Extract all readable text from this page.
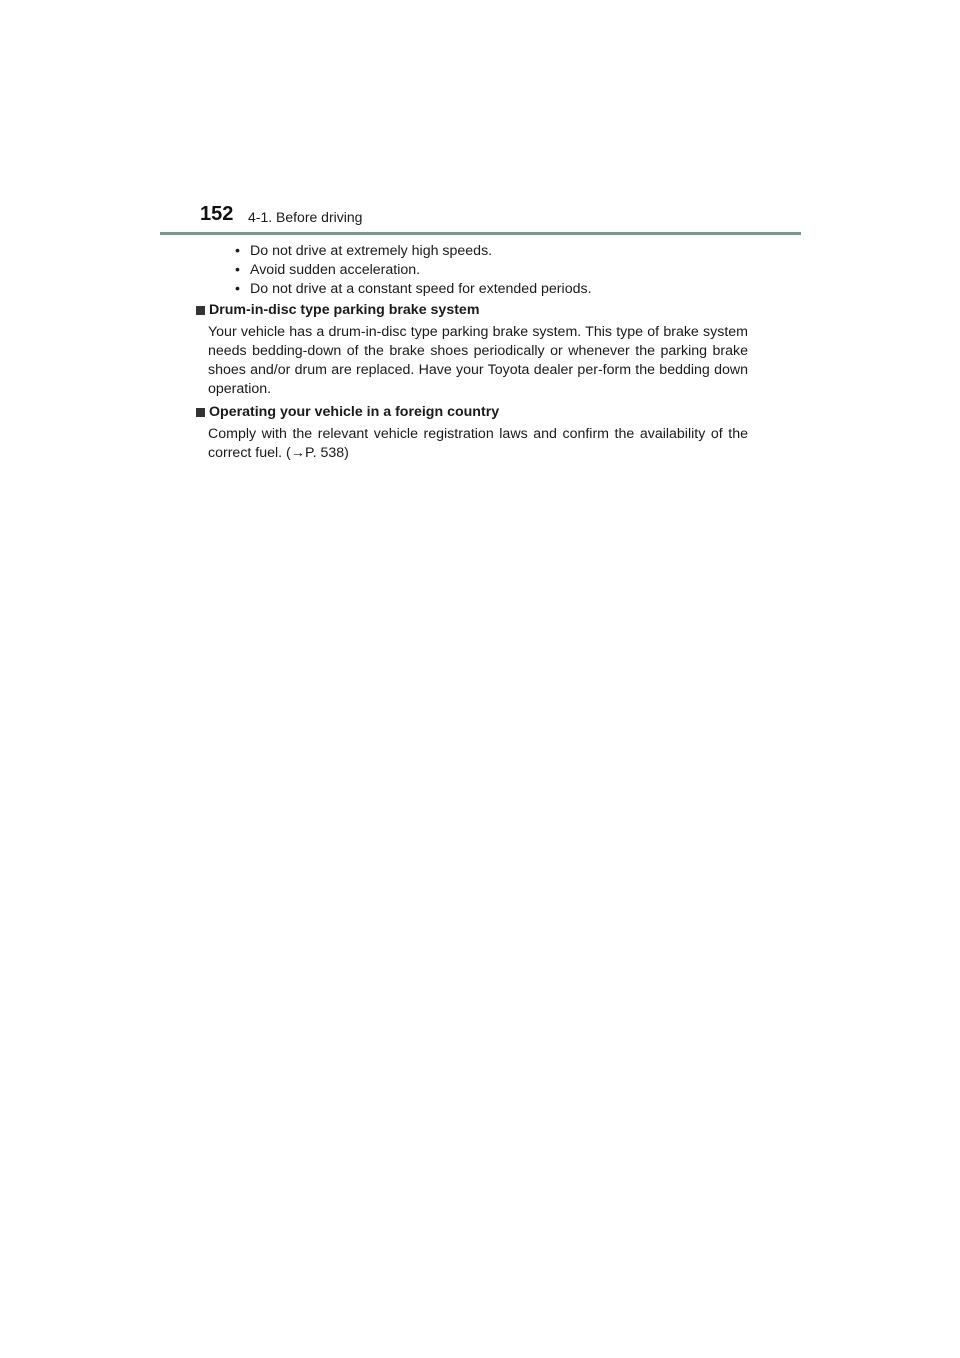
152 4-1. Before driving
• Do not drive at extremely high speeds.
• Avoid sudden acceleration.
• Do not drive at a constant speed for extended periods.
Drum-in-disc type parking brake system
Your vehicle has a drum-in-disc type parking brake system. This type of brake system needs bedding-down of the brake shoes periodically or whenever the parking brake shoes and/or drum are replaced. Have your Toyota dealer per-form the bedding down operation.
Operating your vehicle in a foreign country
Comply with the relevant vehicle registration laws and confirm the availability of the correct fuel. (→P. 538)
